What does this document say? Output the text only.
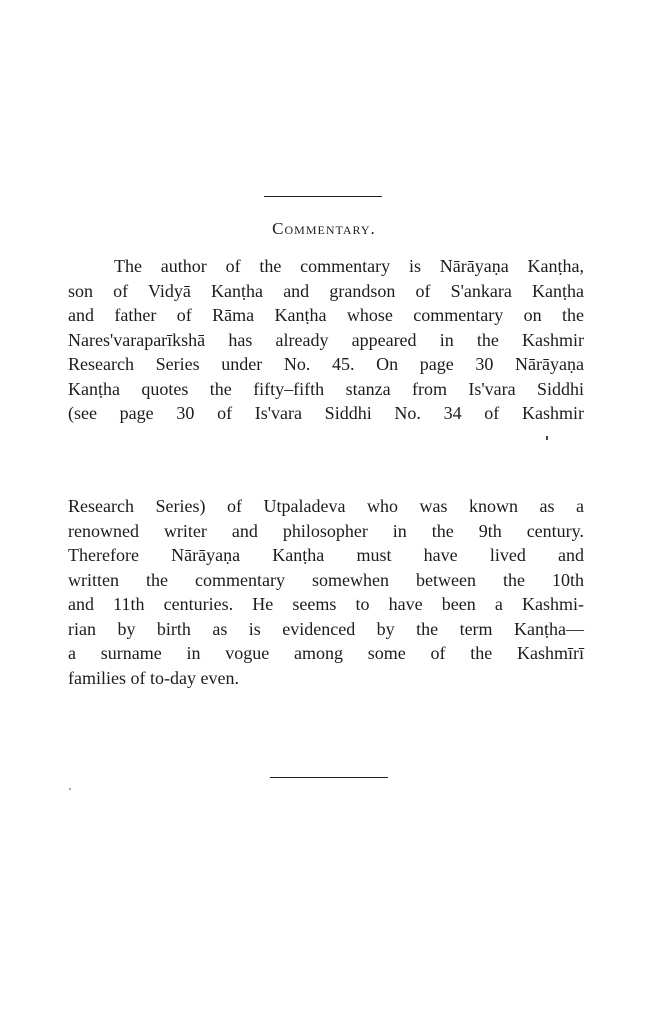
Commentary.
The author of the commentary is Nārāyaṇa Kanṭha,
son of Vidyā Kanṭha and grandson of S'ankara Kanṭha
and father of Rāma Kanṭha whose commentary on the
Nares'varaparīkshā has already appeared in the Kashmir
Research Series under No. 45. On page 30 Nārāyaṇa
Kanṭha quotes the fifty–fifth stanza from Is'vara Siddhi
(see page 30 of Is'vara Siddhi No. 34 of Kashmir
Research Series) of Utpaladeva who was known as a
renowned writer and philosopher in the 9th century.
Therefore Nārāyaṇa Kanṭha must have lived and
written the commentary somewhen between the 10th
and 11th centuries. He seems to have been a Kashmi-
rian by birth as is evidenced by the term Kanṭha—
a surname in vogue among some of the Kashmīrī
families of to-day even.
